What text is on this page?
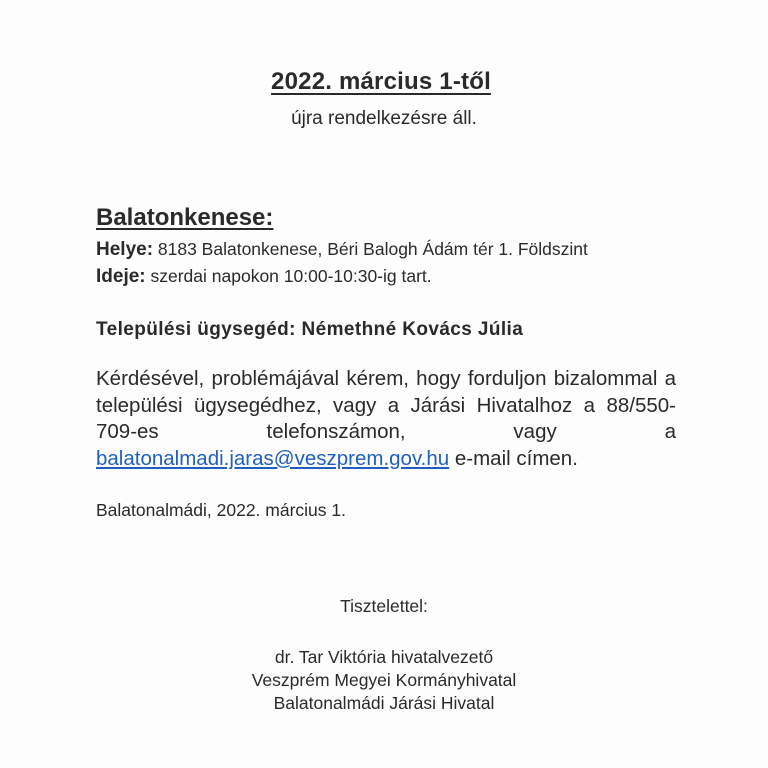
2022. március 1-től
újra rendelkezésre áll.
Balatonkenese:
Helye: 8183 Balatonkenese, Béri Balogh Ádám tér 1. Földszint
Ideje: szerdai napokon 10:00-10:30-ig tart.
Települési ügysegéd: Némethné Kovács Júlia
Kérdésével, problémájával kérem, hogy forduljon bizalommal a települési ügysegédhez, vagy a Járási Hivatalhoz a 88/550-709-es telefonszámon, vagy a balatonalmadi.jaras@veszprem.gov.hu e-mail címen.
Balatonalmádi, 2022. március 1.
Tisztelettel:
dr. Tar Viktória hivatalvezető
Veszprém Megyei Kormányhivatal
Balatonalmádi Járási Hivatal
